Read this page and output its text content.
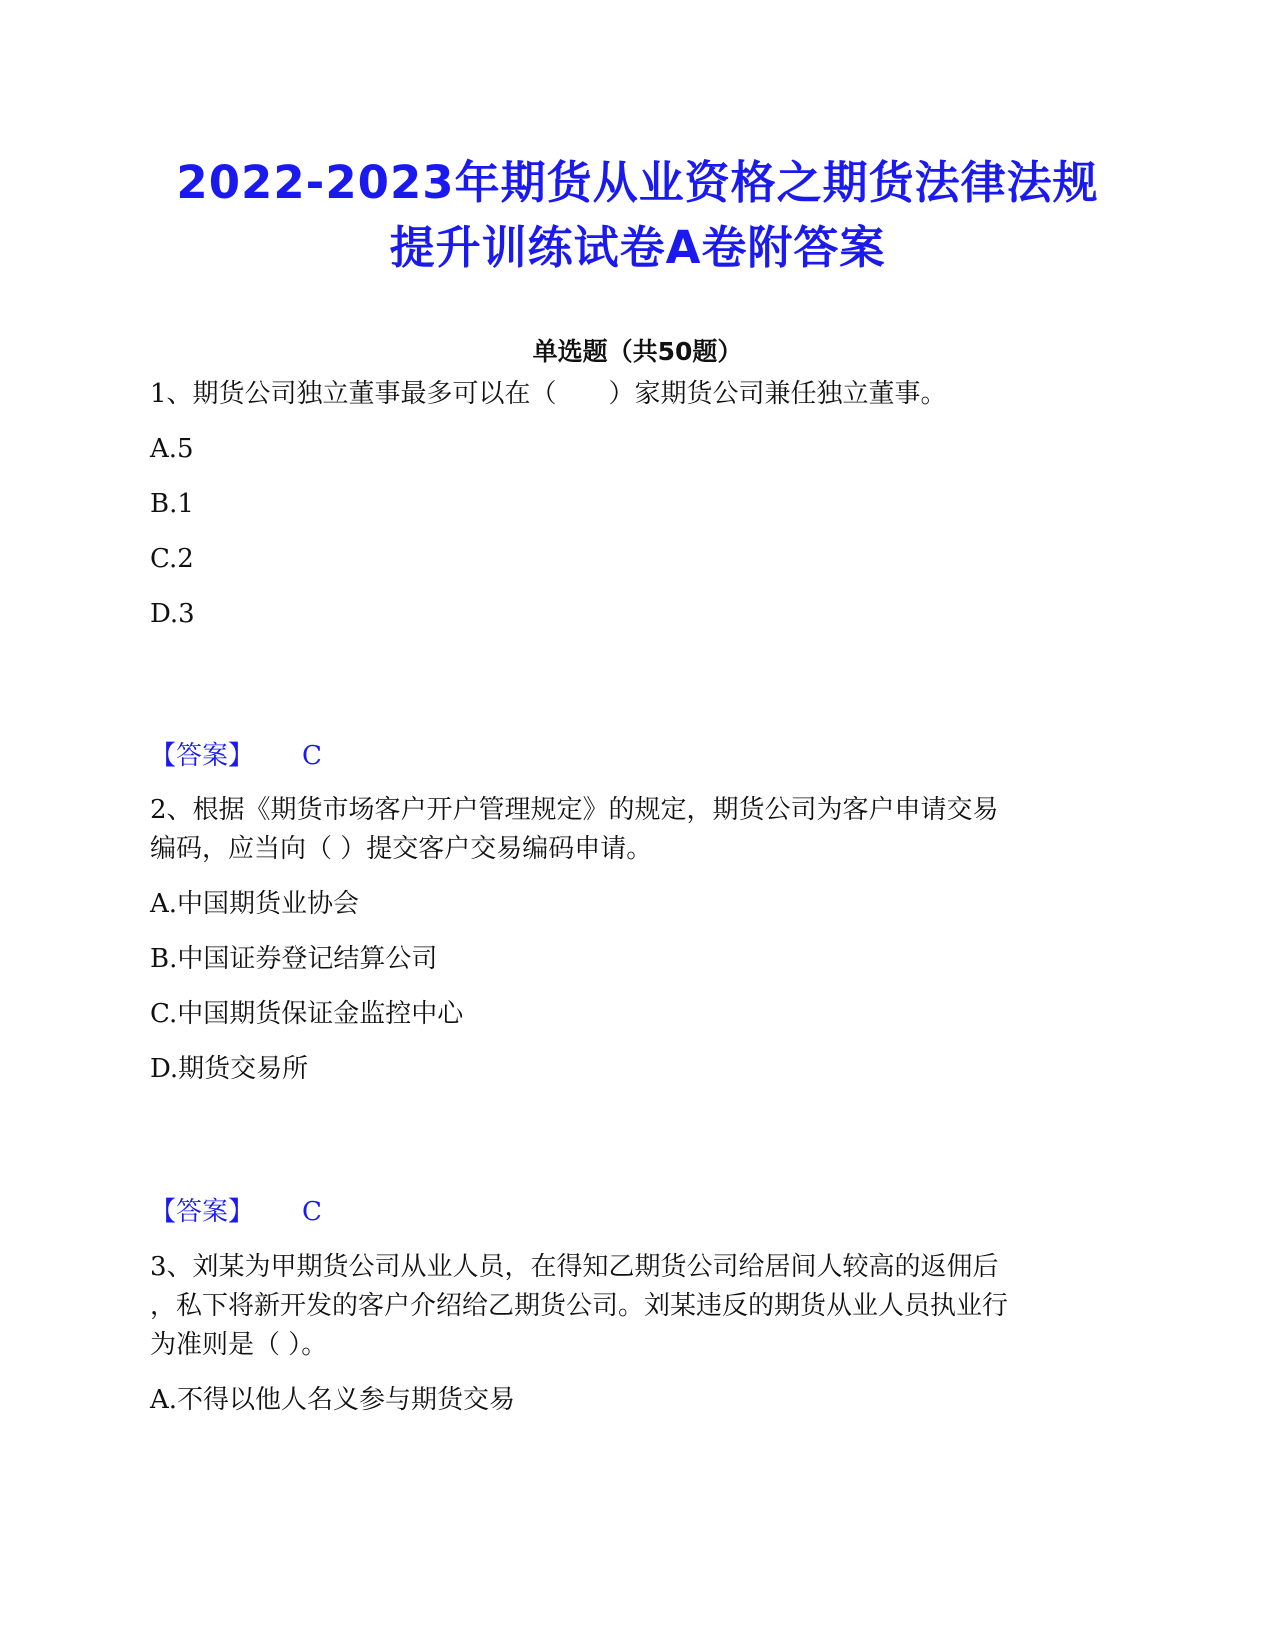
2022-2023年期货从业资格之期货法律法规
提升训练试卷A卷附答案
单选题（共50题）
1、期货公司独立董事最多可以在（　　）家期货公司兼任独立董事。
A.5
B.1
C.2
D.3
【答案】 C
2、根据《期货市场客户开户管理规定》的规定，期货公司为客户申请交易
编码，应当向（ ）提交客户交易编码申请。
A.中国期货业协会
B.中国证券登记结算公司
C.中国期货保证金监控中心
D.期货交易所
【答案】 C
3、刘某为甲期货公司从业人员，在得知乙期货公司给居间人较高的返佣后
，私下将新开发的客户介绍给乙期货公司。刘某违反的期货从业人员执业行
为准则是（ ）。
A.不得以他人名义参与期货交易
